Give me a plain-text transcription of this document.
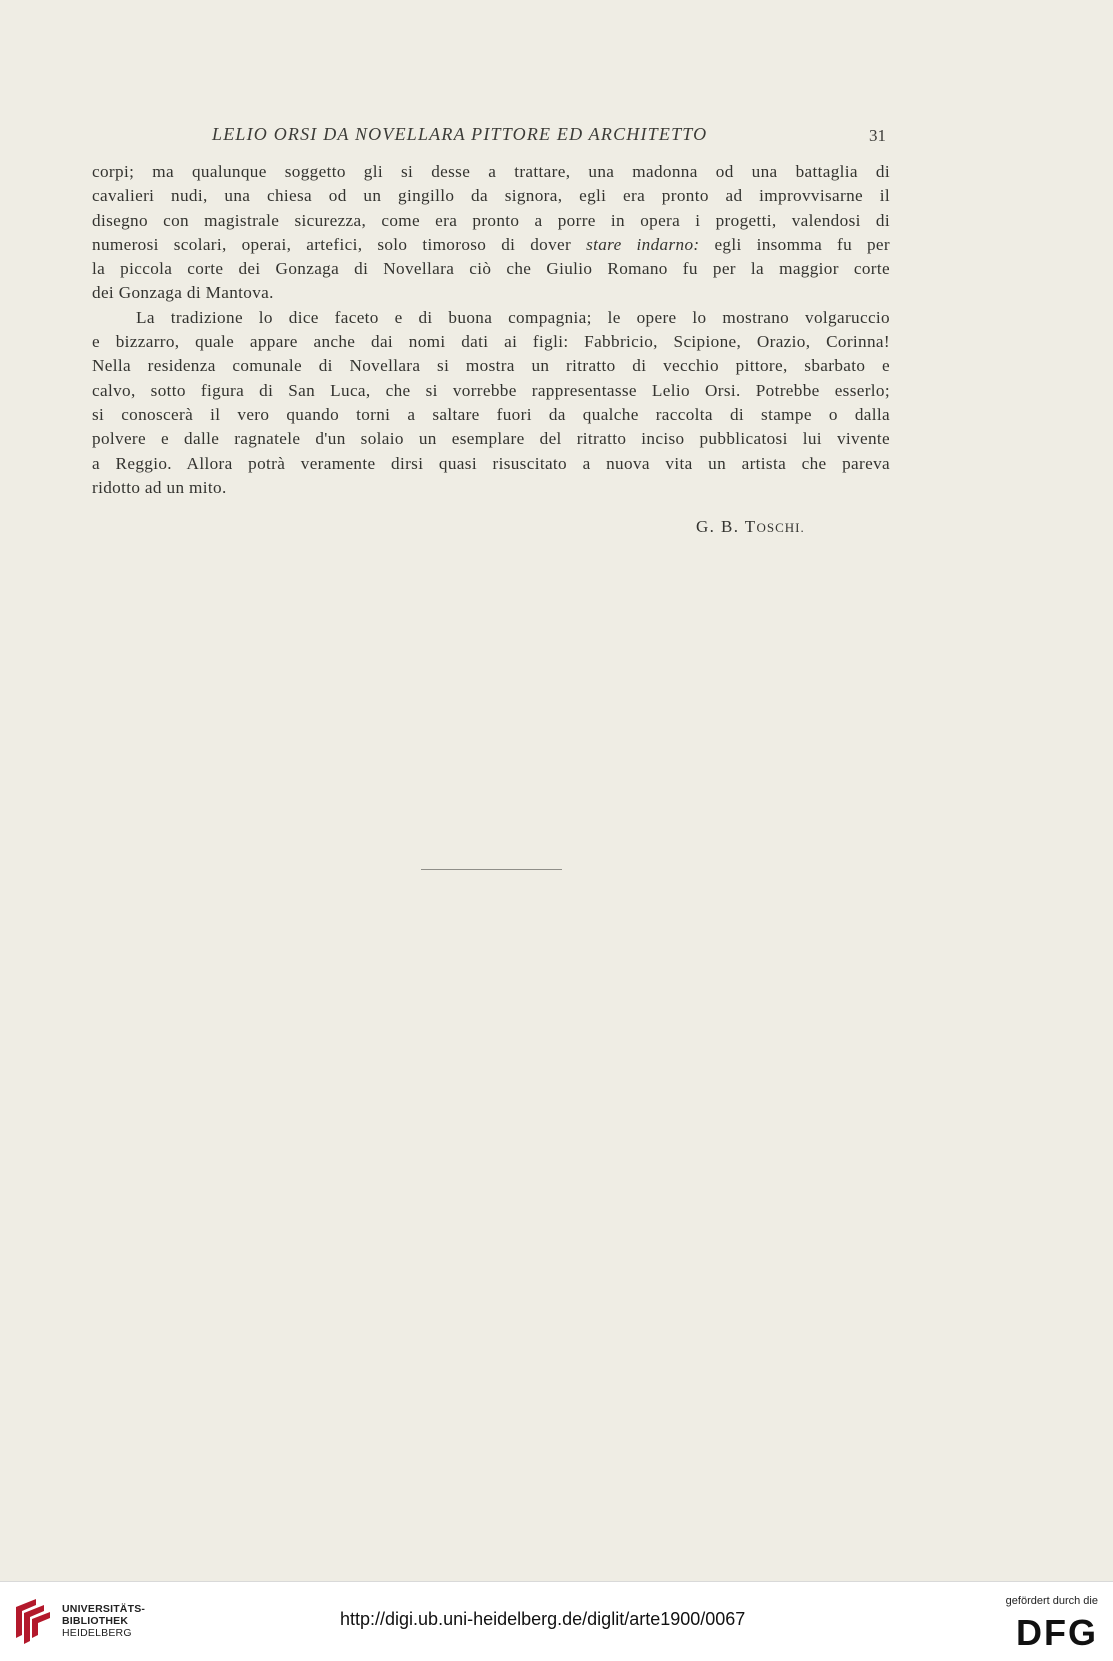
LELIO ORSI DA NOVELLARA PITTORE ED ARCHITETTO	31
corpi; ma qualunque soggetto gli si desse a trattare, una madonna od una battaglia di
cavalieri nudi, una chiesa od un gingillo da signora, egli era pronto ad improvvisarne il
disegno con magistrale sicurezza, come era pronto a porre in opera i progetti, valendosi di
numerosi scolari, operai, artefici, solo timoroso di dover stare indarno: egli insomma fu per
la piccola corte dei Gonzaga di Novellara ciò che Giulio Romano fu per la maggior corte
dei Gonzaga di Mantova.
La tradizione lo dice faceto e di buona compagnia; le opere lo mostrano volgaruccio
e bizzarro, quale appare anche dai nomi dati ai figli: Fabbricio, Scipione, Orazio, Corinna!
Nella residenza comunale di Novellara si mostra un ritratto di vecchio pittore, sbarbato e
calvo, sotto figura di San Luca, che si vorrebbe rappresentasse Lelio Orsi. Potrebbe esserlo;
si conoscerà il vero quando torni a saltare fuori da qualche raccolta di stampe o dalla
polvere e dalle ragnatele d'un solaio un esemplare del ritratto inciso pubblicatosi lui vivente
a Reggio. Allora potrà veramente dirsi quasi risuscitato a nuova vita un artista che pareva
ridotto ad un mito.
G. B. TOSCHI.
UNIVERSITÄTS-
BIBLIOTHEK
HEIDELBERG
http://digi.ub.uni-heidelberg.de/diglit/arte1900/0067
gefördert durch die
DFG
